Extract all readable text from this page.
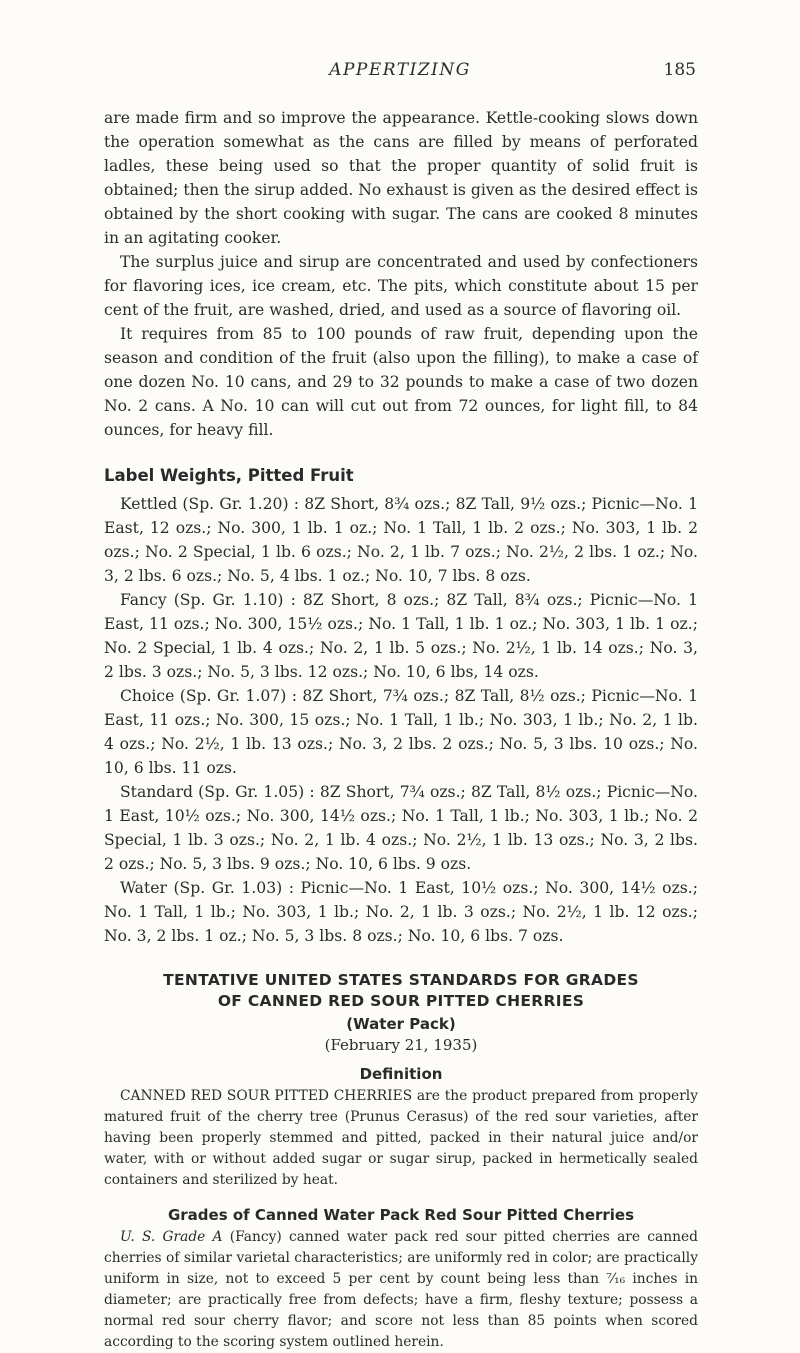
APPERTIZING	185

are made firm and so improve the appearance. Kettle-cooking slows down the operation somewhat as the cans are filled by means of perforated ladles, these being used so that the proper quantity of solid fruit is obtained; then the sirup added. No exhaust is given as the desired effect is obtained by the short cooking with sugar. The cans are cooked 8 minutes in an agitating cooker.

The surplus juice and sirup are concentrated and used by confectioners for flavoring ices, ice cream, etc. The pits, which constitute about 15 per cent of the fruit, are washed, dried, and used as a source of flavoring oil.

It requires from 85 to 100 pounds of raw fruit, depending upon the season and condition of the fruit (also upon the filling), to make a case of one dozen No. 10 cans, and 29 to 32 pounds to make a case of two dozen No. 2 cans. A No. 10 can will cut out from 72 ounces, for light fill, to 84 ounces, for heavy fill.

Label Weights, Pitted Fruit

Kettled (Sp. Gr. 1.20) : 8Z Short, 8¾ ozs.; 8Z Tall, 9½ ozs.; Picnic—No. 1 East, 12 ozs.; No. 300, 1 lb. 1 oz.; No. 1 Tall, 1 lb. 2 ozs.; No. 303, 1 lb. 2 ozs.; No. 2 Special, 1 lb. 6 ozs.; No. 2, 1 lb. 7 ozs.; No. 2½, 2 lbs. 1 oz.; No. 3, 2 lbs. 6 ozs.; No. 5, 4 lbs. 1 oz.; No. 10, 7 lbs. 8 ozs.

Fancy (Sp. Gr. 1.10) : 8Z Short, 8 ozs.; 8Z Tall, 8¾ ozs.; Picnic—No. 1 East, 11 ozs.; No. 300, 15½ ozs.; No. 1 Tall, 1 lb. 1 oz.; No. 303, 1 lb. 1 oz.; No. 2 Special, 1 lb. 4 ozs.; No. 2, 1 lb. 5 ozs.; No. 2½, 1 lb. 14 ozs.; No. 3, 2 lbs. 3 ozs.; No. 5, 3 lbs. 12 ozs.; No. 10, 6 lbs, 14 ozs.

Choice (Sp. Gr. 1.07) : 8Z Short, 7¾ ozs.; 8Z Tall, 8½ ozs.; Picnic—No. 1 East, 11 ozs.; No. 300, 15 ozs.; No. 1 Tall, 1 lb.; No. 303, 1 lb.; No. 2, 1 lb. 4 ozs.; No. 2½, 1 lb. 13 ozs.; No. 3, 2 lbs. 2 ozs.; No. 5, 3 lbs. 10 ozs.; No. 10, 6 lbs. 11 ozs.

Standard (Sp. Gr. 1.05) : 8Z Short, 7¾ ozs.; 8Z Tall, 8½ ozs.; Picnic—No. 1 East, 10½ ozs.; No. 300, 14½ ozs.; No. 1 Tall, 1 lb.; No. 303, 1 lb.; No. 2 Special, 1 lb. 3 ozs.; No. 2, 1 lb. 4 ozs.; No. 2½, 1 lb. 13 ozs.; No. 3, 2 lbs. 2 ozs.; No. 5, 3 lbs. 9 ozs.; No. 10, 6 lbs. 9 ozs.

Water (Sp. Gr. 1.03) : Picnic—No. 1 East, 10½ ozs.; No. 300, 14½ ozs.; No. 1 Tall, 1 lb.; No. 303, 1 lb.; No. 2, 1 lb. 3 ozs.; No. 2½, 1 lb. 12 ozs.; No. 3, 2 lbs. 1 oz.; No. 5, 3 lbs. 8 ozs.; No. 10, 6 lbs. 7 ozs.

TENTATIVE UNITED STATES STANDARDS FOR GRADES
OF CANNED RED SOUR PITTED CHERRIES
(Water Pack)
(February 21, 1935)
Definition

CANNED RED SOUR PITTED CHERRIES are the product prepared from properly matured fruit of the cherry tree (Prunus Cerasus) of the red sour varieties, after having been properly stemmed and pitted, packed in their natural juice and/or water, with or without added sugar or sugar sirup, packed in hermetically sealed containers and sterilized by heat.

Grades of Canned Water Pack Red Sour Pitted Cherries

U. S. Grade A (Fancy) canned water pack red sour pitted cherries are canned cherries of similar varietal characteristics; are uniformly red in color; are practically uniform in size, not to exceed 5 per cent by count being less than ⁷⁄₁₆ inches in diameter; are practically free from defects; have a firm, fleshy texture; possess a normal red sour cherry flavor; and score not less than 85 points when scored according to the scoring system outlined herein.
